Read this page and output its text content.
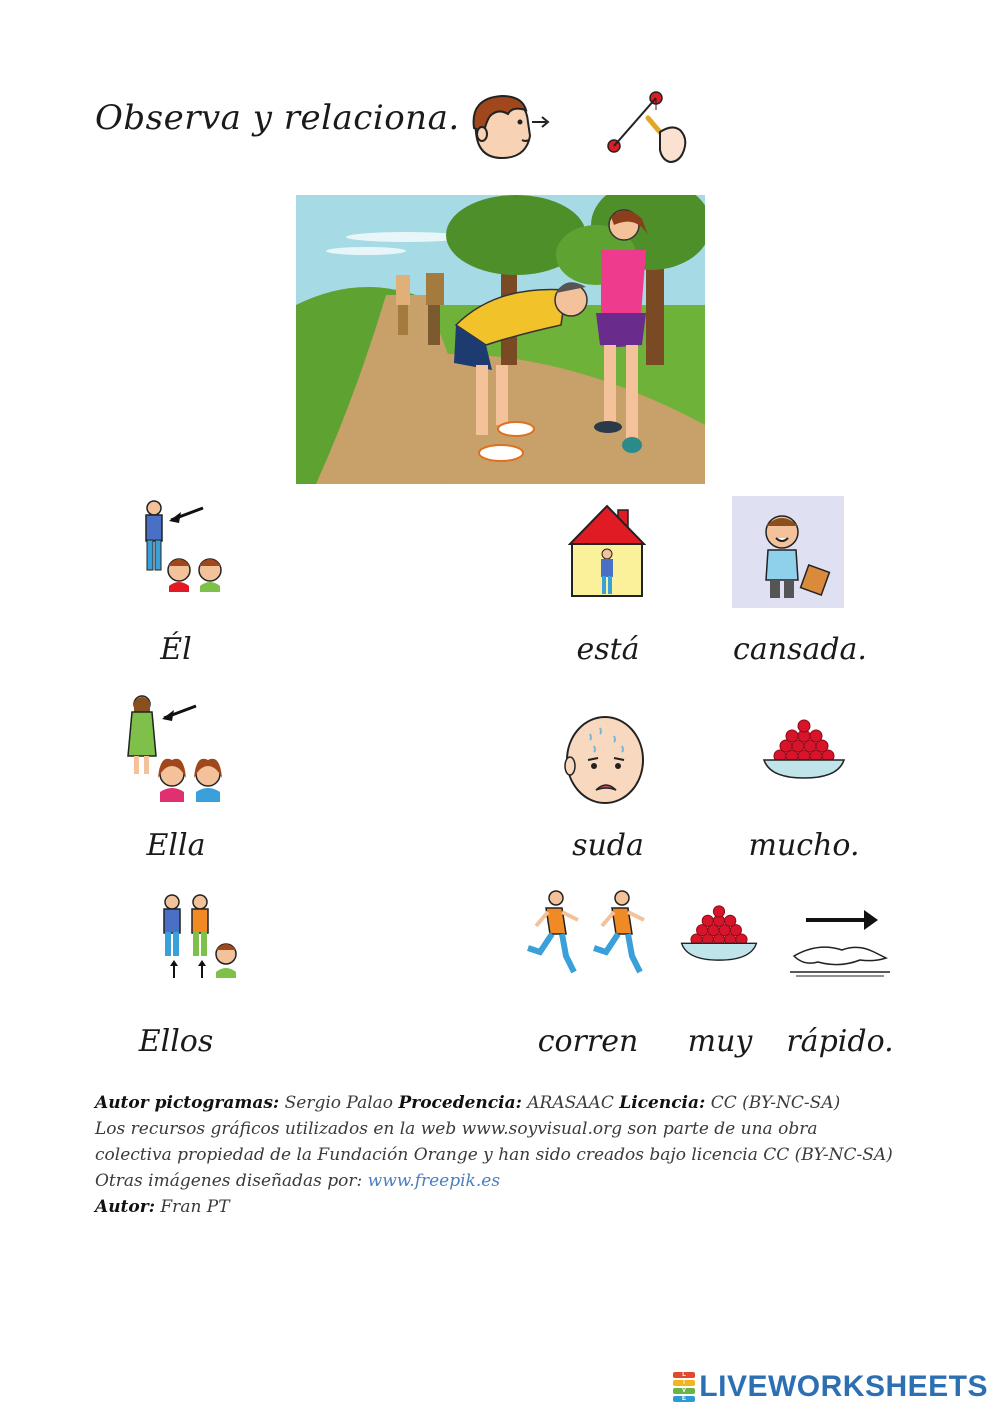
Observa y relaciona.
Él	está	cansada.
Ella	suda	mucho.
Ellos	corren	muy	rápido.
Autor pictogramas: Sergio Palao Procedencia: ARASAAC Licencia: CC (BY-NC-SA)
Los recursos gráficos utilizados en la web www.soyvisual.org son parte de una obra
colectiva propiedad de la Fundación Orange y han sido creados bajo licencia CC (BY-NC-SA)
Otras imágenes diseñadas por: www.freepik.es
Autor: Fran PT
L
I
V
E LIVEWORKSHEETS
